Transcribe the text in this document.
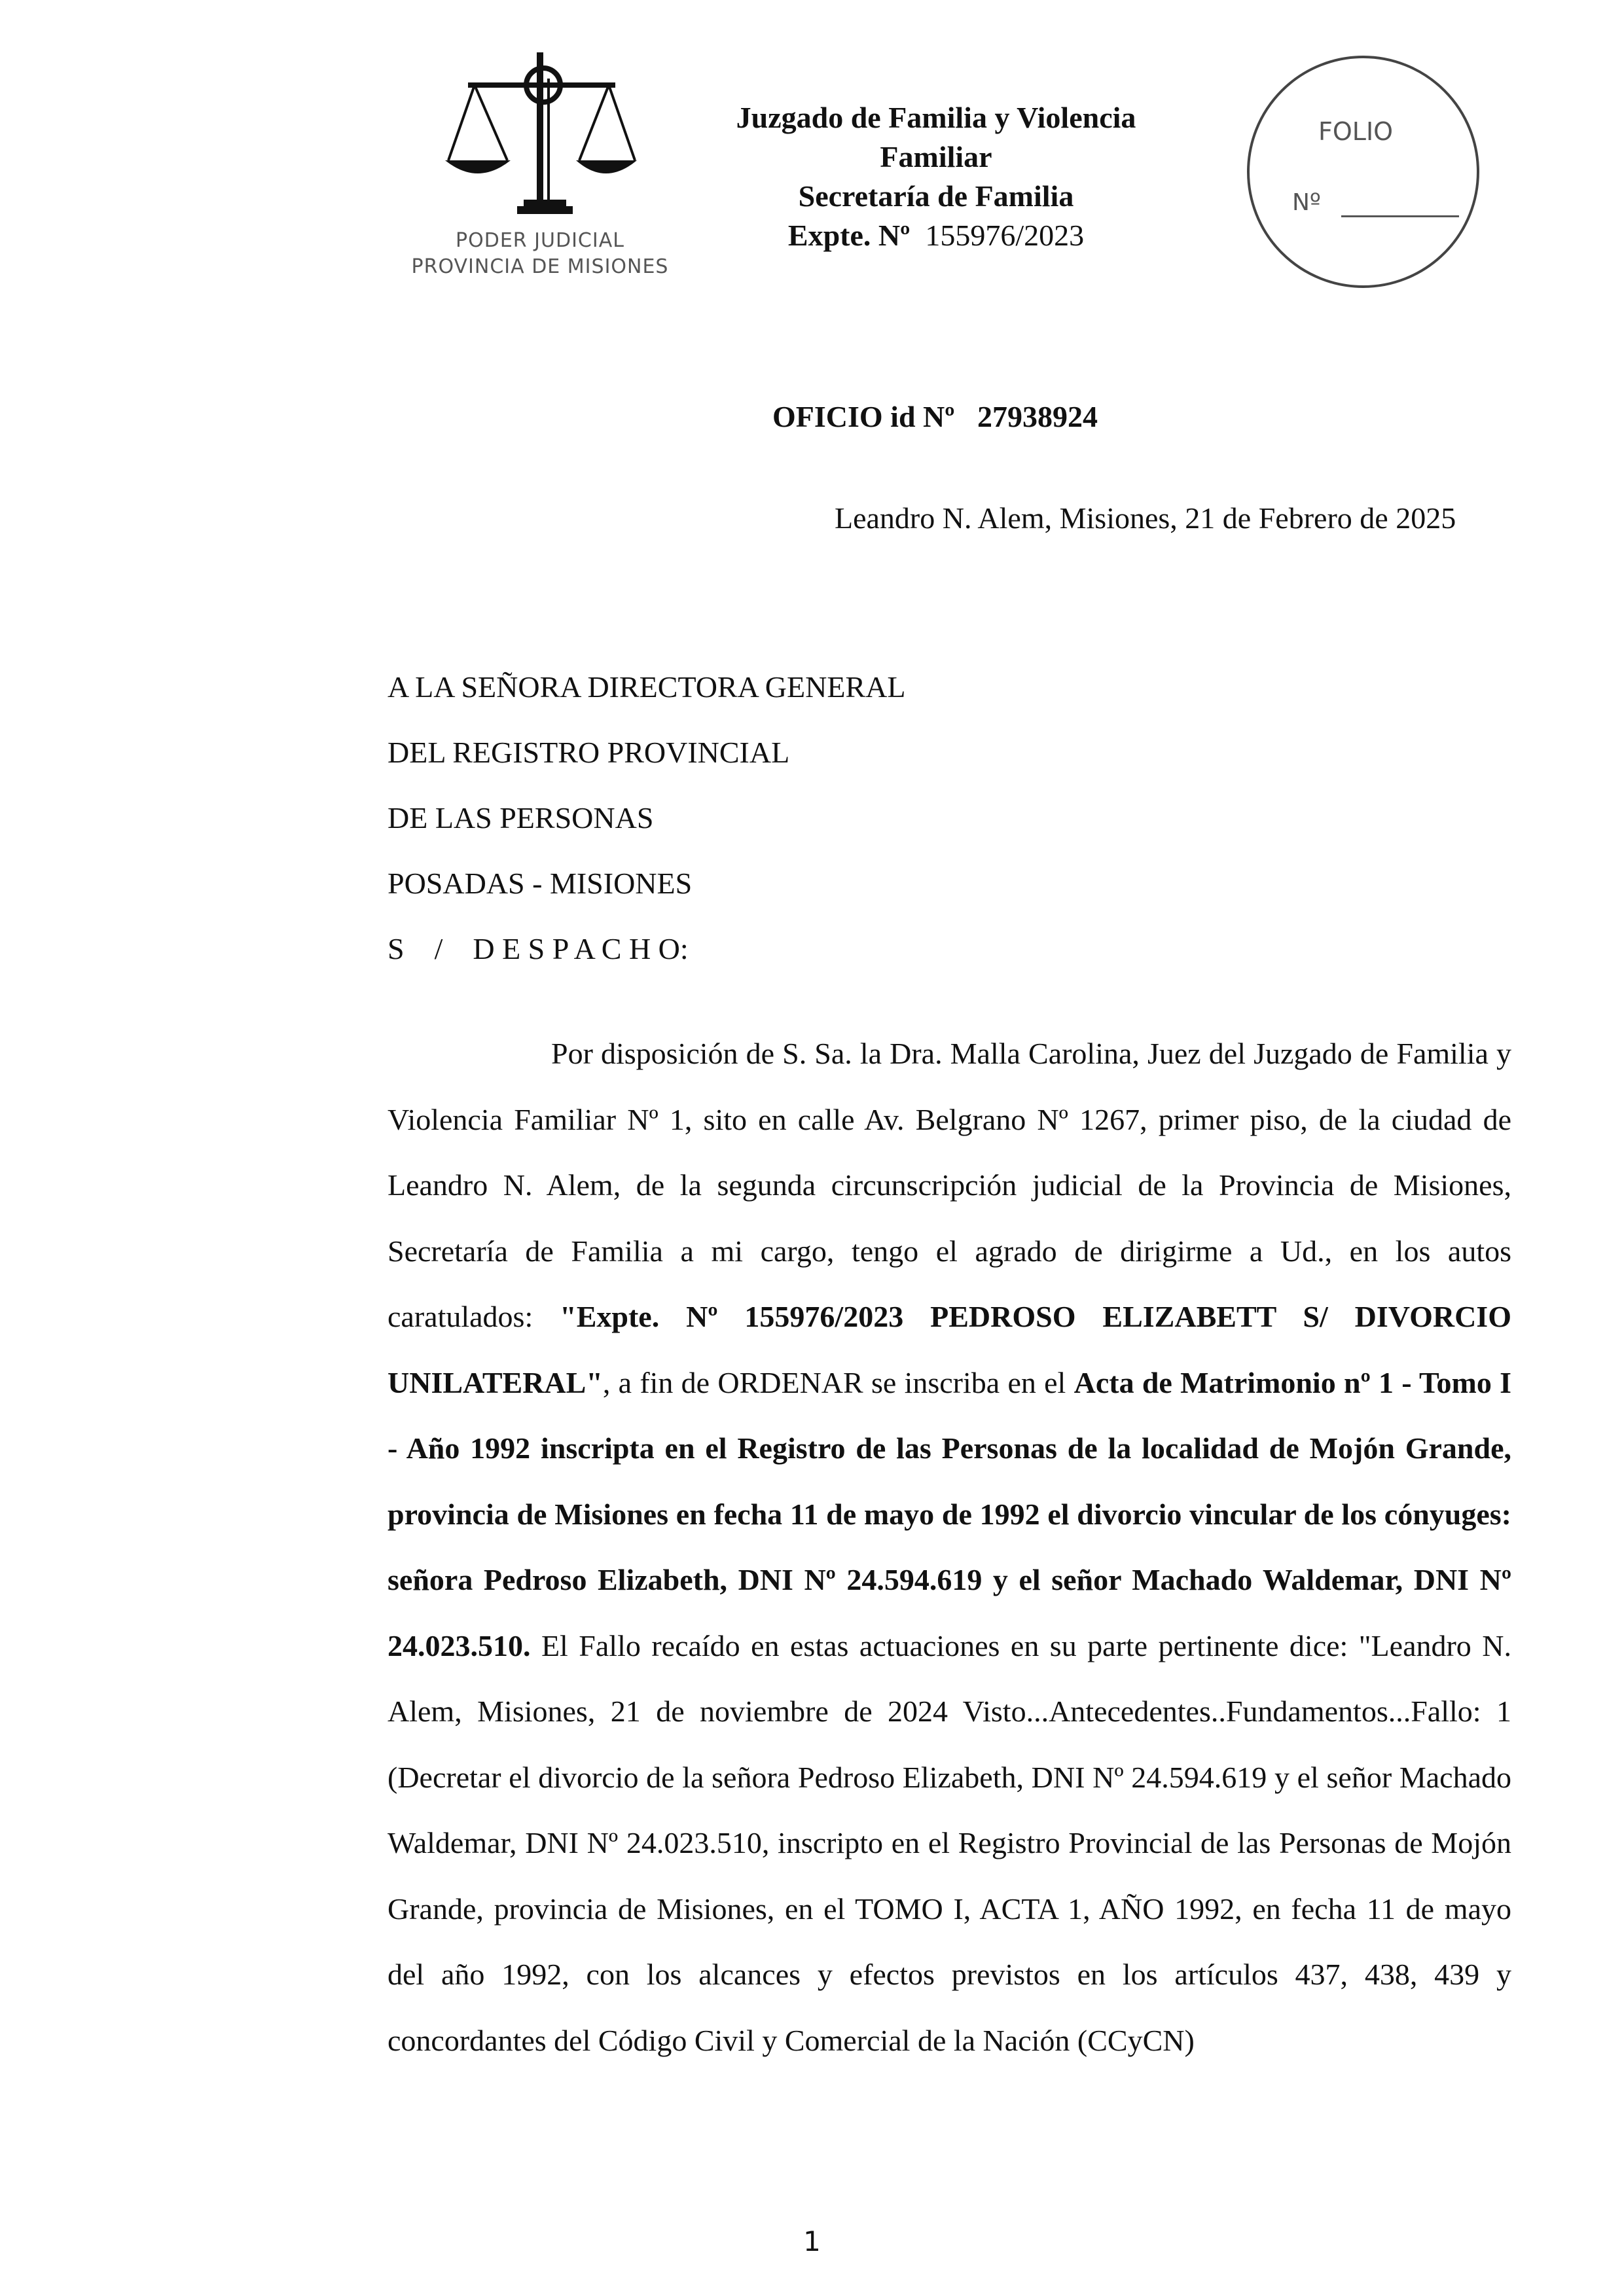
PODER JUDICIAL
PROVINCIA DE MISIONES
Juzgado de Familia y Violencia
Familiar
Secretaría de Familia
Expte. Nº 155976/2023
FOLIO
Nº
OFICIO id Nº 27938924
Leandro N. Alem, Misiones, 21 de Febrero de 2025
A LA SEÑORA DIRECTORA GENERAL
DEL REGISTRO PROVINCIAL
DE LAS PERSONAS
POSADAS - MISIONES
S    /    D E S P A C H O:

Por disposición de S. Sa. la Dra. Malla Carolina, Juez del Juzgado de Familia y Violencia Familiar Nº 1, sito en calle Av. Belgrano Nº 1267, primer piso, de la ciudad de Leandro N. Alem, de la segunda circunscripción judicial de la Provincia de Misiones, Secretaría de Familia a mi cargo, tengo el agrado de dirigirme a Ud., en los autos caratulados: "Expte. Nº 155976/2023 PEDROSO ELIZABETT S/ DIVORCIO UNILATERAL", a fin de ORDENAR se inscriba en el Acta de Matrimonio nº 1 - Tomo I - Año 1992 inscripta en el Registro de las Personas de la localidad de Mojón Grande, provincia de Misiones en fecha 11 de mayo de 1992 el divorcio vincular de los cónyuges: señora Pedroso Elizabeth, DNI Nº 24.594.619 y el señor Machado Waldemar, DNI Nº 24.023.510. El Fallo recaído en estas actuaciones en su parte pertinente dice: "Leandro N. Alem, Misiones, 21 de noviembre de 2024 Visto...Antecedentes..Fundamentos...Fallo: 1 (Decretar el divorcio de la señora Pedroso Elizabeth, DNI Nº 24.594.619 y el señor Machado Waldemar, DNI Nº 24.023.510, inscripto en el Registro Provincial de las Personas de Mojón Grande, provincia de Misiones, en el TOMO I, ACTA 1, AÑO 1992, en fecha 11 de mayo del año 1992, con los alcances y efectos previstos en los artículos 437, 438, 439 y concordantes del Código Civil y Comercial de la Nación (CCyCN)

1
